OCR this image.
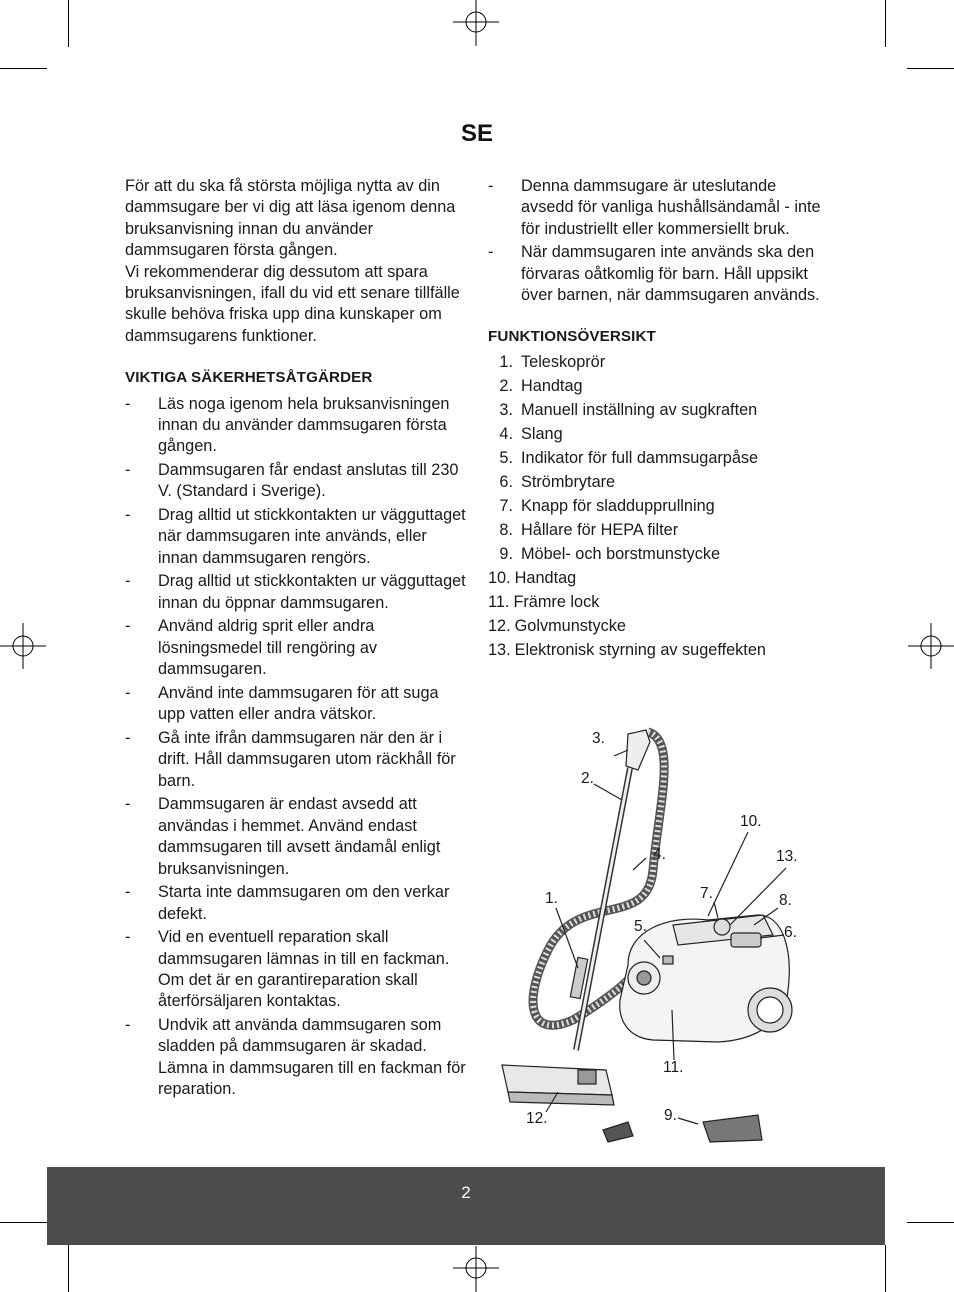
SE

För att du ska få största möjliga nytta av din dammsugare ber vi dig att läsa igenom denna bruksanvisning innan du använder dammsugaren första gången.

Vi rekommenderar dig dessutom att spara bruksanvisningen, ifall du vid ett senare tillfälle skulle behöva friska upp dina kunskaper om dammsugarens funktioner.

VIKTIGA SÄKERHETSÅTGÄRDER
- Läs noga igenom hela bruksanvisningen innan du använder dammsugaren första gången.
- Dammsugaren får endast anslutas till 230 V. (Standard i Sverige).
- Drag alltid ut stickkontakten ur vägguttaget när dammsugaren inte används, eller innan dammsugaren rengörs.
- Drag alltid ut stickkontakten ur vägguttaget innan du öppnar dammsugaren.
- Använd aldrig sprit eller andra lösningsmedel till rengöring av dammsugaren.
- Använd inte dammsugaren för att suga upp vatten eller andra vätskor.
- Gå inte ifrån dammsugaren när den är i drift. Håll dammsugaren utom räckhåll för barn.
- Dammsugaren är endast avsedd att användas i hemmet. Använd endast dammsugaren till avsett ändamål enligt bruksanvisningen.
- Starta inte dammsugaren om den verkar defekt.
- Vid en eventuell reparation skall dammsugaren lämnas in till en fackman. Om det är en garantireparation skall återförsäljaren kontaktas.
- Undvik att använda dammsugaren som sladden på dammsugaren är skadad. Lämna in dammsugaren till en fackman för reparation.
- Denna dammsugare är uteslutande avsedd för vanliga hushållsändamål - inte för industriellt eller kommersiellt bruk.
- När dammsugaren inte används ska den förvaras oåtkomlig för barn. Håll uppsikt över barnen, när dammsugaren används.
FUNKTIONSÖVERSIKT
1. Teleskoprör
2. Handtag
3. Manuell inställning av sugkraften
4. Slang
5. Indikator för full dammsugarpåse
6. Strömbrytare
7. Knapp för sladdupprullning
8. Hållare för HEPA filter
9. Möbel- och borstmunstycke
10. Handtag
11. Främre lock
12. Golvmunstycke
13. Elektronisk styrning av sugeffekten
3.
2.
10.
4.	13.
7.
1.	8.
5.	6.
11.
9.
12.
2
